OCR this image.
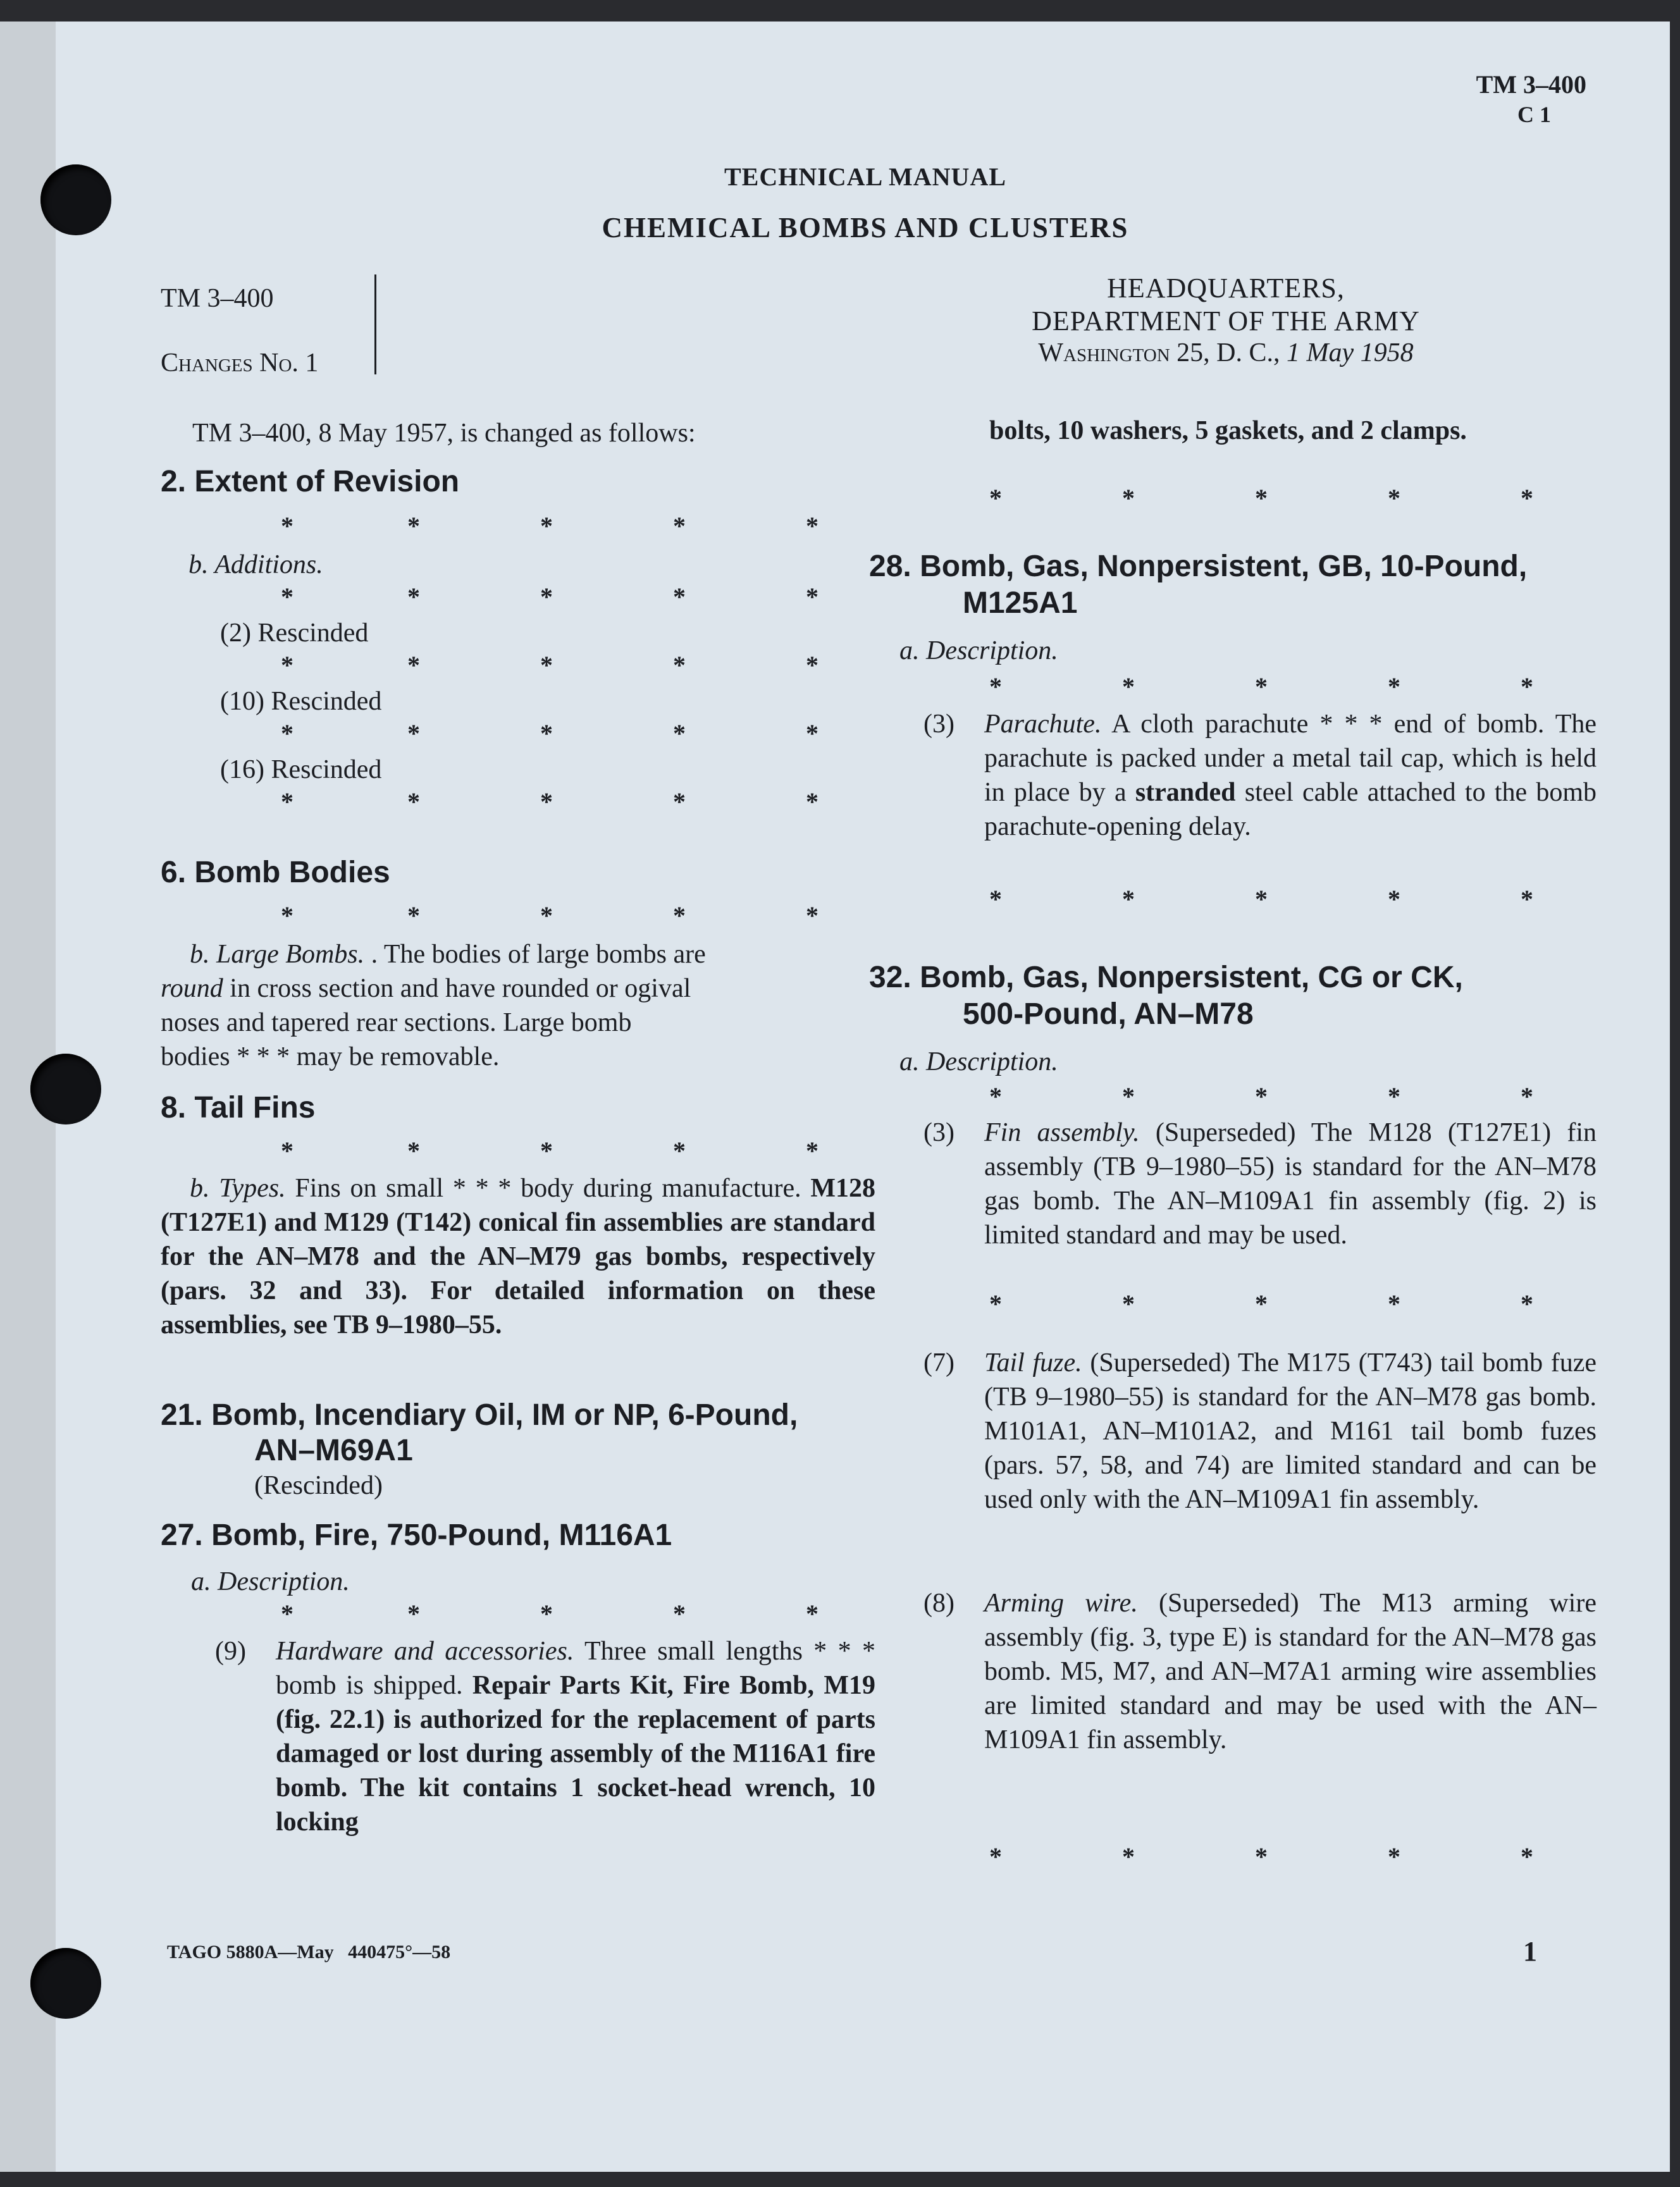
TM 3–400
C 1
TECHNICAL MANUAL
CHEMICAL BOMBS AND CLUSTERS
TM 3–400
Changes No. 1
HEADQUARTERS,
DEPARTMENT OF THE ARMY
Washington 25, D. C., 1 May 1958
TM 3–400, 8 May 1957, is changed as follows:
2. Extent of Revision
*	*	*	*	*
b. Additions.
*	*	*	*	*
(2) Rescinded
*	*	*	*	*
(10) Rescinded
*	*	*	*	*
(16) Rescinded
*	*	*	*	*
6. Bomb Bodies
*	*	*	*	*
b. Large Bombs. . The bodies of large bombs are
round in cross section and have rounded or ogival
noses and tapered rear sections. Large bomb
bodies * * * may be removable.
8. Tail Fins
*	*	*	*	*
b. Types. Fins on small * * * body during manufacture. M128 (T127E1) and M129 (T142) conical fin assemblies are standard for the AN–M78 and the AN–M79 gas bombs, respectively (pars. 32 and 33). For detailed information on these assemblies, see TB 9–1980–55.
21. Bomb, Incendiary Oil, IM or NP, 6-Pound,
AN–M69A1
(Rescinded)
27. Bomb, Fire, 750-Pound, M116A1
a. Description.
*	*	*	*	*
(9) Hardware and accessories. Three small lengths * * * bomb is shipped. Repair Parts Kit, Fire Bomb, M19 (fig. 22.1) is authorized for the replacement of parts damaged or lost during assembly of the M116A1 fire bomb. The kit contains 1 socket-head wrench, 10 locking
bolts, 10 washers, 5 gaskets, and 2 clamps.
*	*	*	*	*
28. Bomb, Gas, Nonpersistent, GB, 10-Pound,
M125A1
a. Description.
*	*	*	*	*
(3) Parachute. A cloth parachute * * * end of bomb. The parachute is packed under a metal tail cap, which is held in place by a stranded steel cable attached to the bomb parachute-opening delay.
*	*	*	*	*
32. Bomb, Gas, Nonpersistent, CG or CK,
500-Pound, AN–M78
a. Description.
*	*	*	*	*
(3) Fin assembly. (Superseded) The M128 (T127E1) fin assembly (TB 9–1980–55) is standard for the AN–M78 gas bomb. The AN–M109A1 fin assembly (fig. 2) is limited standard and may be used.
*	*	*	*	*
(7) Tail fuze. (Superseded) The M175 (T743) tail bomb fuze (TB 9–1980–55) is standard for the AN–M78 gas bomb. M101A1, AN–M101A2, and M161 tail bomb fuzes (pars. 57, 58, and 74) are limited standard and can be used only with the AN–M109A1 fin assembly.
(8) Arming wire. (Superseded) The M13 arming wire assembly (fig. 3, type E) is standard for the AN–M78 gas bomb. M5, M7, and AN–M7A1 arming wire assemblies are limited standard and may be used with the AN–M109A1 fin assembly.
*	*	*	*	*
TAGO 5880A—May 440475°—58	1
